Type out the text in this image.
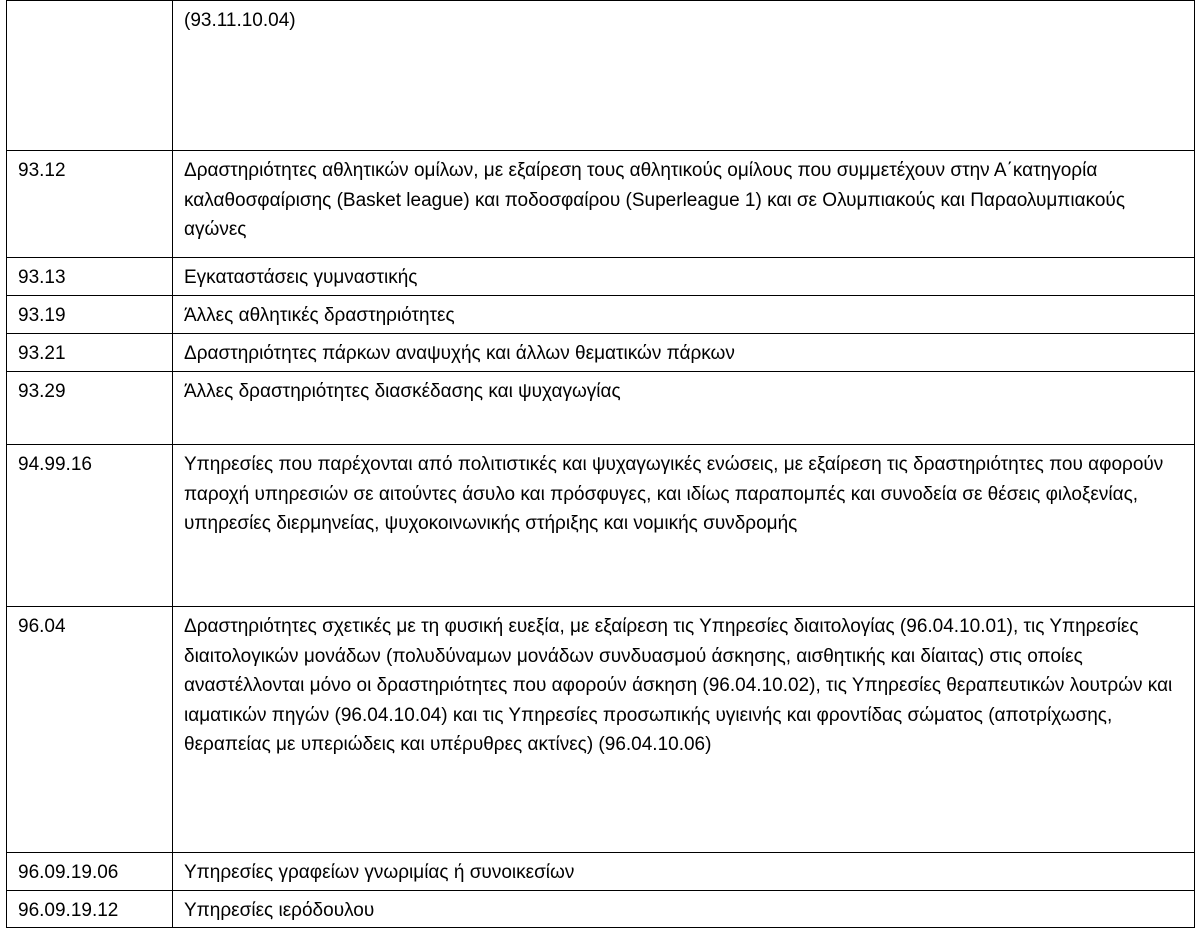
	(93.11.10.04)
93.12	Δραστηριότητες αθλητικών ομίλων, με εξαίρεση τους αθλητικούς ομίλους που συμμετέχουν στην Α΄κατηγορία καλαθοσφαίρισης (Basket league) και ποδοσφαίρου (Superleague 1) και σε Ολυμπιακούς και Παραολυμπιακούς αγώνες
93.13	Εγκαταστάσεις γυμναστικής
93.19	Άλλες αθλητικές δραστηριότητες
93.21	Δραστηριότητες πάρκων αναψυχής και άλλων θεματικών πάρκων
93.29	Άλλες δραστηριότητες διασκέδασης και ψυχαγωγίας
94.99.16	Υπηρεσίες που παρέχονται από πολιτιστικές και ψυχαγωγικές ενώσεις, με εξαίρεση τις δραστηριότητες που αφορούν παροχή υπηρεσιών σε αιτούντες άσυλο και πρόσφυγες, και ιδίως παραπομπές και συνοδεία σε θέσεις φιλοξενίας, υπηρεσίες διερμηνείας, ψυχοκοινωνικής στήριξης και νομικής συνδρομής
96.04	Δραστηριότητες σχετικές με τη φυσική ευεξία, με εξαίρεση τις Υπηρεσίες διαιτολογίας (96.04.10.01), τις Υπηρεσίες διαιτολογικών μονάδων (πολυδύναμων μονάδων συνδυασμού άσκησης, αισθητικής και δίαιτας) στις οποίες αναστέλλονται μόνο οι δραστηριότητες που αφορούν άσκηση (96.04.10.02), τις Υπηρεσίες θεραπευτικών λουτρών και ιαματικών πηγών (96.04.10.04) και τις Υπηρεσίες προσωπικής υγιεινής και φροντίδας σώματος (αποτρίχωσης, θεραπείας με υπεριώδεις και υπέρυθρες ακτίνες) (96.04.10.06)
96.09.19.06	Υπηρεσίες γραφείων γνωριμίας ή συνοικεσίων
96.09.19.12	Υπηρεσίες ιερόδουλου
